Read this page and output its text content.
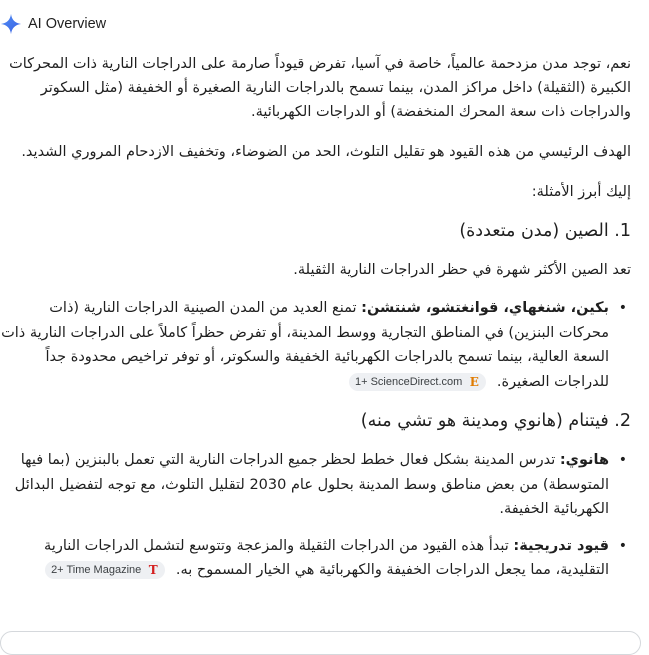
AI Overview

نعم، توجد مدن مزدحمة عالمياً، خاصة في آسيا، تفرض قيوداً صارمة على الدراجات النارية ذات المحركات الكبيرة (الثقيلة) داخل مراكز المدن، بينما تسمح بالدراجات النارية الصغيرة أو الخفيفة (مثل السكوتر والدراجات ذات سعة المحرك المنخفضة) أو الدراجات الكهربائية.

الهدف الرئيسي من هذه القيود هو تقليل التلوث، الحد من الضوضاء، وتخفيف الازدحام المروري الشديد.

إليك أبرز الأمثلة:

1. الصين (مدن متعددة)

تعد الصين الأكثر شهرة في حظر الدراجات النارية الثقيلة.

• بكين، شنغهاي، قوانغتشو، شنتشن: تمنع العديد من المدن الصينية الدراجات النارية (ذات محركات البنزين) في المناطق التجارية ووسط المدينة، أو تفرض حظراً كاملاً على الدراجات النارية ذات السعة العالية، بينما تسمح بالدراجات الكهربائية الخفيفة والسكوتر، أو توفر تراخيص محدودة جداً للدراجات الصغيرة.
1+ ScienceDirect.com E
2. فيتنام (هانوي ومدينة هو تشي منه)
• هانوي: تدرس المدينة بشكل فعال خطط لحظر جميع الدراجات النارية التي تعمل بالبنزين (بما فيها المتوسطة) من بعض مناطق وسط المدينة بحلول عام 2030 لتقليل التلوث، مع توجه لتفضيل البدائل الكهربائية الخفيفة.
• قيود تدريجية: تبدأ هذه القيود من الدراجات الثقيلة والمزعجة وتتوسع لتشمل الدراجات النارية التقليدية، مما يجعل الدراجات الخفيفة والكهربائية هي الخيار المسموح به.
2+ Time Magazine T
